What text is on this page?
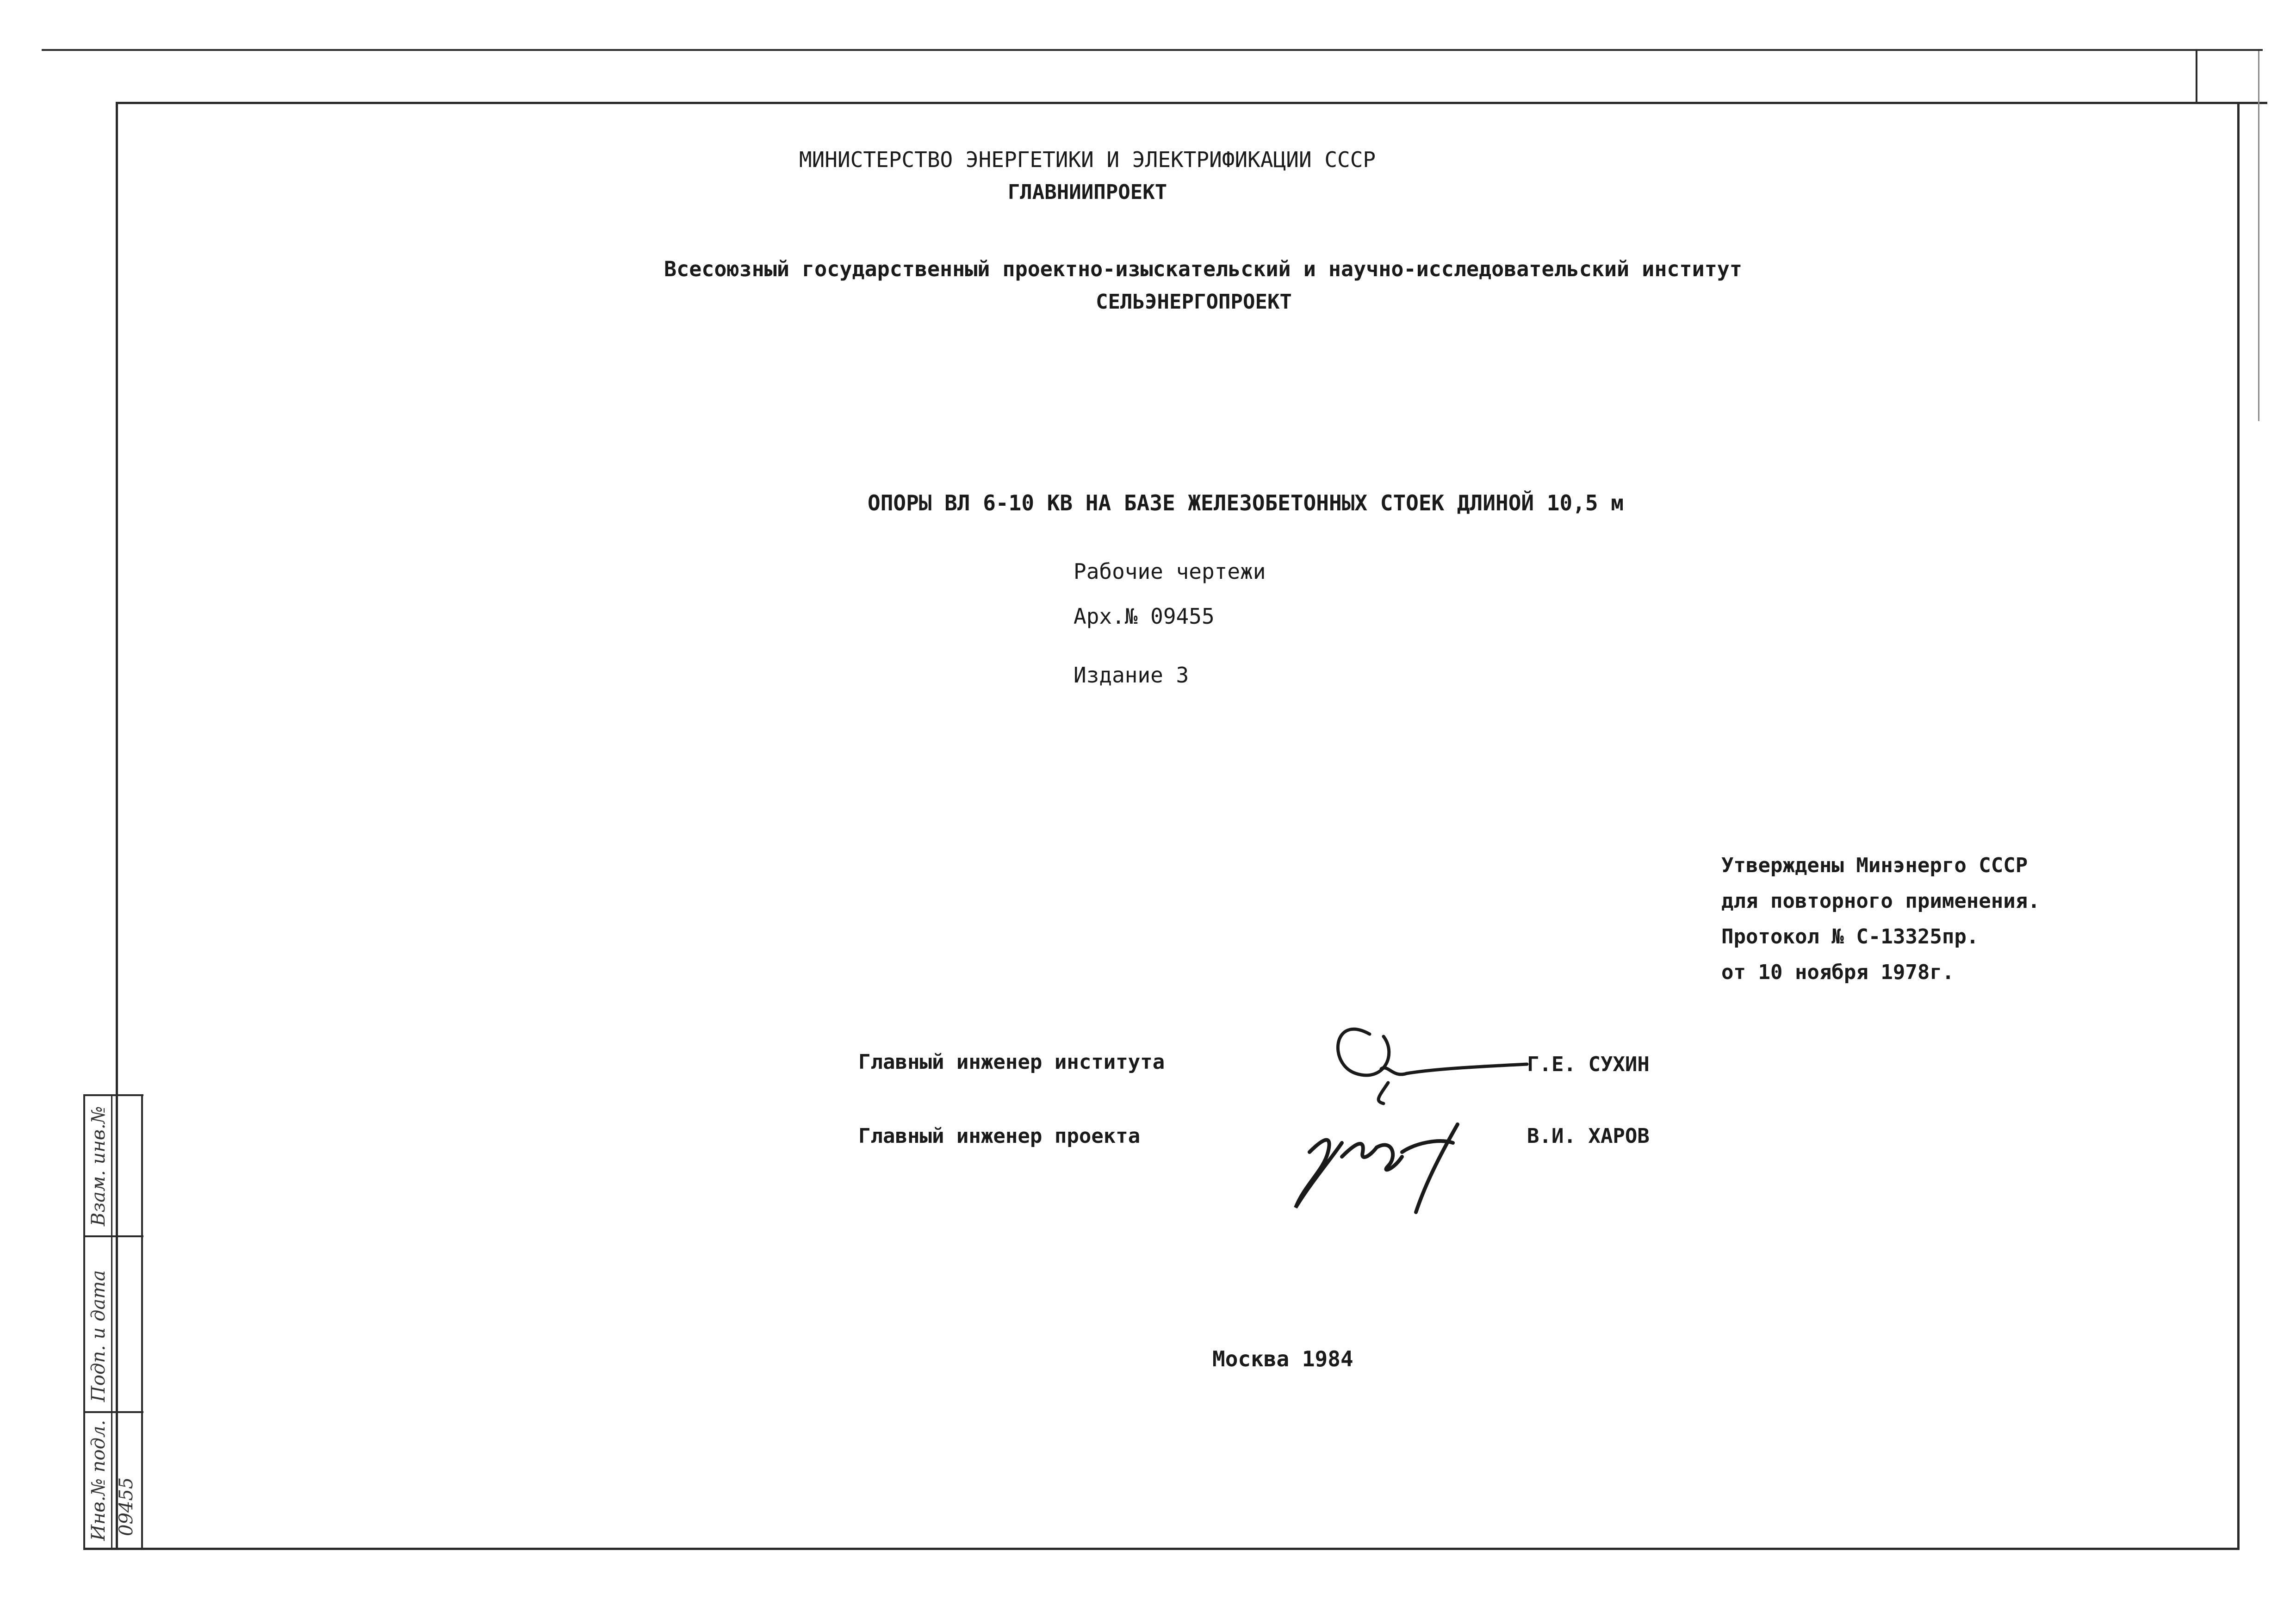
Инв.№ подл.
Подп. и дата
Взам. инв.№
09455
МИНИСТЕРСТВО ЭНЕРГЕТИКИ И ЭЛЕКТРИФИКАЦИИ СССР
ГЛАВНИИПРОЕКТ
Всесоюзный государственный проектно-изыскательский и научно-исследовательский институт
СЕЛЬЭНЕРГОПРОЕКТ
ОПОРЫ ВЛ 6-10 КВ НА БАЗЕ ЖЕЛЕЗОБЕТОННЫХ СТОЕК ДЛИНОЙ 10,5 м
Рабочие чертежи
Арх.№ 09455
Издание 3
Утверждены Минэнерго СССР
для повторного применения.
Протокол № С-13325пр.
от 10 ноября 1978г.
Главный инженер института	Г.Е. СУХИН
Главный инженер проекта	В.И. ХАРОВ
Москва 1984
